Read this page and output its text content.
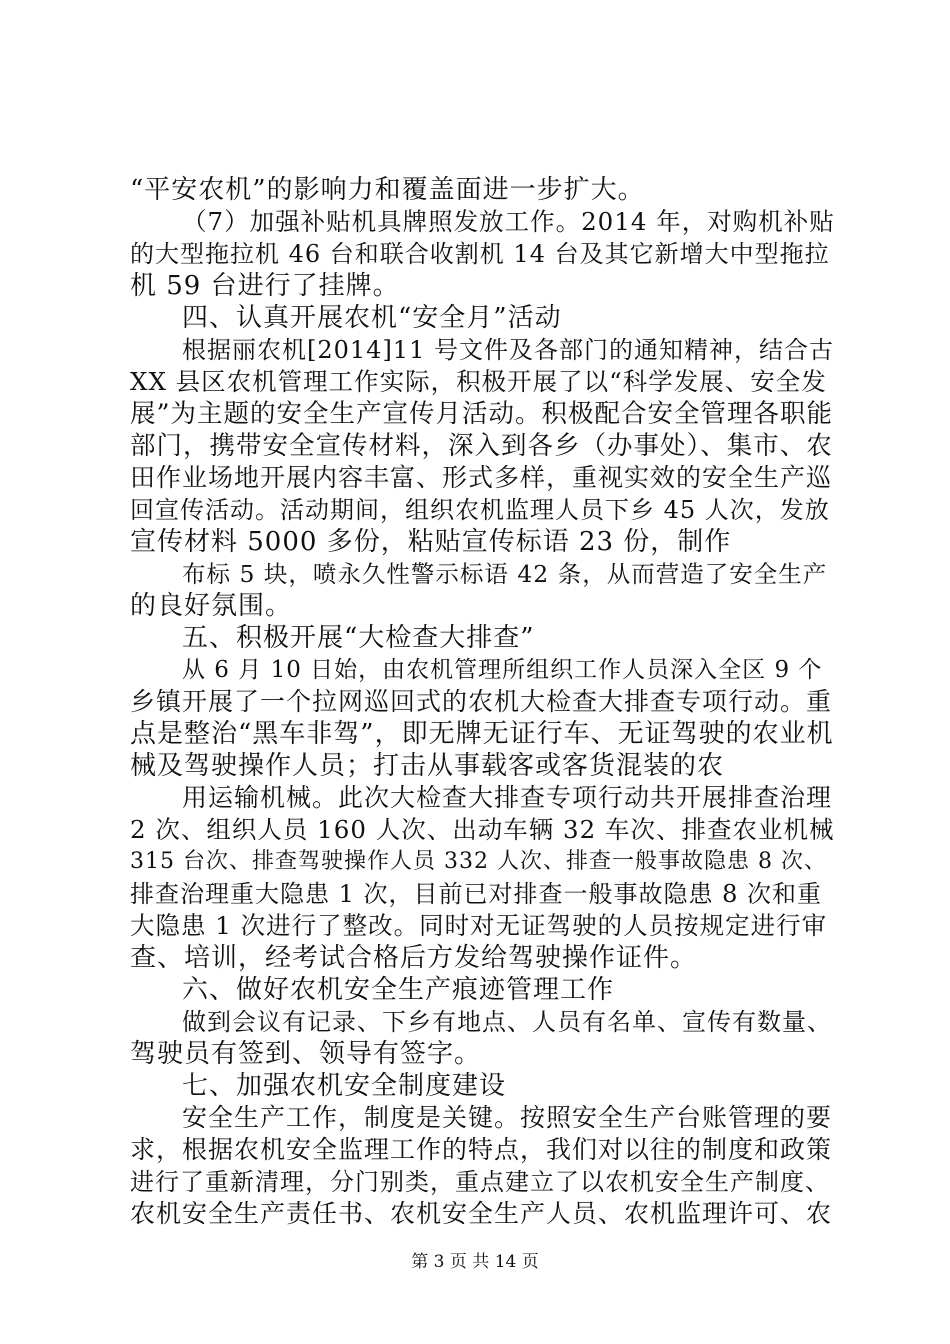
“平安农机”的影响力和覆盖面进一步扩大。
（7）加强补贴机具牌照发放工作。2014 年，对购机补贴
的大型拖拉机 46 台和联合收割机 14 台及其它新增大中型拖拉
机 59 台进行了挂牌。
四、认真开展农机“安全月”活动
根据丽农机[2014]11 号文件及各部门的通知精神，结合古
XX 县区农机管理工作实际，积极开展了以“科学发展、安全发
展”为主题的安全生产宣传月活动。积极配合安全管理各职能
部门，携带安全宣传材料，深入到各乡（办事处）、集市、农
田作业场地开展内容丰富、形式多样，重视实效的安全生产巡
回宣传活动。活动期间，组织农机监理人员下乡 45 人次，发放
宣传材料 5000 多份，粘贴宣传标语 23 份，制作
布标 5 块，喷永久性警示标语 42 条，从而营造了安全生产
的良好氛围。
五、积极开展“大检查大排查”
从 6 月 10 日始，由农机管理所组织工作人员深入全区 9 个
乡镇开展了一个拉网巡回式的农机大检查大排查专项行动。重
点是整治“黑车非驾”，即无牌无证行车、无证驾驶的农业机
械及驾驶操作人员；打击从事载客或客货混装的农
用运输机械。此次大检查大排查专项行动共开展排查治理
2 次、组织人员 160 人次、出动车辆 32 车次、排查农业机械
315 台次、排查驾驶操作人员 332 人次、排查一般事故隐患 8 次、
排查治理重大隐患 1 次，目前已对排查一般事故隐患 8 次和重
大隐患 1 次进行了整改。同时对无证驾驶的人员按规定进行审
查、培训，经考试合格后方发给驾驶操作证件。
六、做好农机安全生产痕迹管理工作
做到会议有记录、下乡有地点、人员有名单、宣传有数量、
驾驶员有签到、领导有签字。
七、加强农机安全制度建设
安全生产工作，制度是关键。按照安全生产台账管理的要
求，根据农机安全监理工作的特点，我们对以往的制度和政策
进行了重新清理，分门别类，重点建立了以农机安全生产制度、
农机安全生产责任书、农机安全生产人员、农机监理许可、农
第 3 页 共 14 页
